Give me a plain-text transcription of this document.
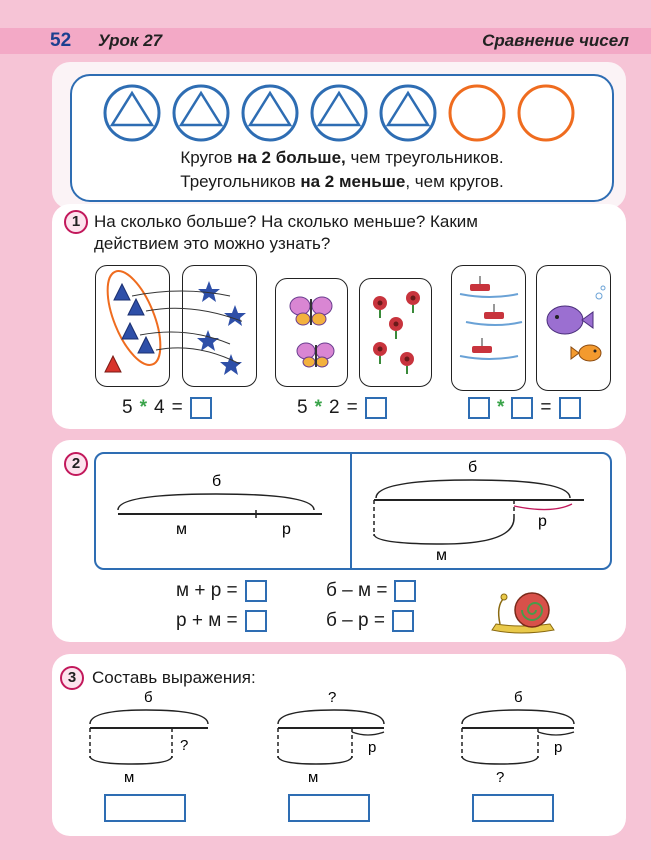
52 Урок 27	Сравнение чисел
Кругов на 2 больше, чем треугольников.
Треугольников на 2 меньше, чем кругов.
1 На сколько больше? На сколько меньше? Каким
действием это можно узнать?
5 * 4 =	5 * 2 =	* =
2
б
м	р
б
м
р
м + р =
р + м =
б – м =
б – р =
3 Составь выражения:
б
?
м
?
р
м
б
р
?
